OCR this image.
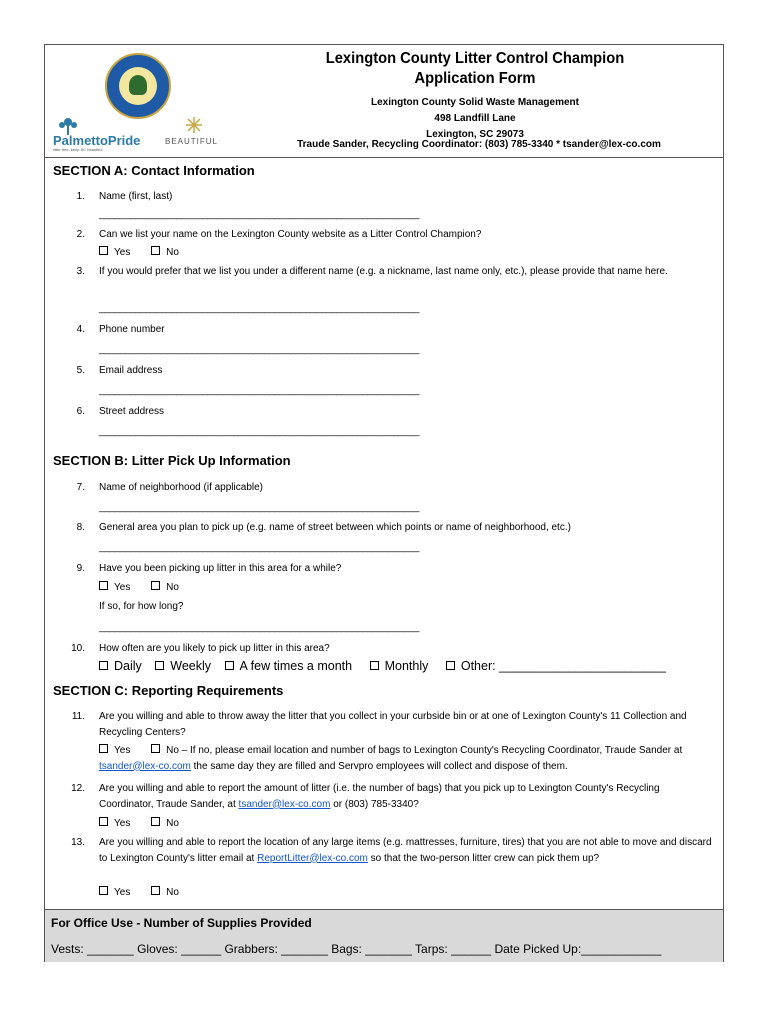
PalmettoPride
litter free, keep SC beautiful
BEAUTIFUL
Lexington County Litter Control Champion
Application Form
Lexington County Solid Waste Management
498 Landfill Lane
Lexington, SC 29073
Traude Sander, Recycling Coordinator: (803) 785-3340 * tsander@lex-co.com
SECTION A: Contact Information
1. Name (first, last)
______________________________________________________________
2. Can we list your name on the Lexington County website as a Litter Control Champion?
Yes	No
3. If you would prefer that we list you under a different name (e.g. a nickname, last name only, etc.), please provide that name here.
______________________________________________________________
4. Phone number
______________________________________________________________
5. Email address
______________________________________________________________
6. Street address
______________________________________________________________
SECTION B: Litter Pick Up Information
7. Name of neighborhood (if applicable)
______________________________________________________________
8. General area you plan to pick up (e.g. name of street between which points or name of neighborhood, etc.)
______________________________________________________________
9. Have you been picking up litter in this area for a while?
Yes	No
If so, for how long?
______________________________________________________________
10. How often are you likely to pick up litter in this area?
Daily Weekly A few times a month	Monthly	Other: ________________________
SECTION C: Reporting Requirements
11. Are you willing and able to throw away the litter that you collect in your curbside bin or at one of Lexington County's 11 Collection and Recycling Centers?
Yes	No – If no, please email location and number of bags to Lexington County's Recycling Coordinator, Traude Sander at tsander@lex-co.com the same day they are filled and Servpro employees will collect and dispose of them.
12. Are you willing and able to report the amount of litter (i.e. the number of bags) that you pick up to Lexington County's Recycling Coordinator, Traude Sander, at tsander@lex-co.com or (803) 785-3340?
Yes	No
13. Are you willing and able to report the location of any large items (e.g. mattresses, furniture, tires) that you are not able to move and discard to Lexington County's litter email at ReportLitter@lex-co.com so that the two-person litter crew can pick them up?
Yes	No
For Office Use - Number of Supplies Provided
Vests: _______ Gloves: ______ Grabbers: _______ Bags: _______ Tarps: ______ Date Picked Up:____________
